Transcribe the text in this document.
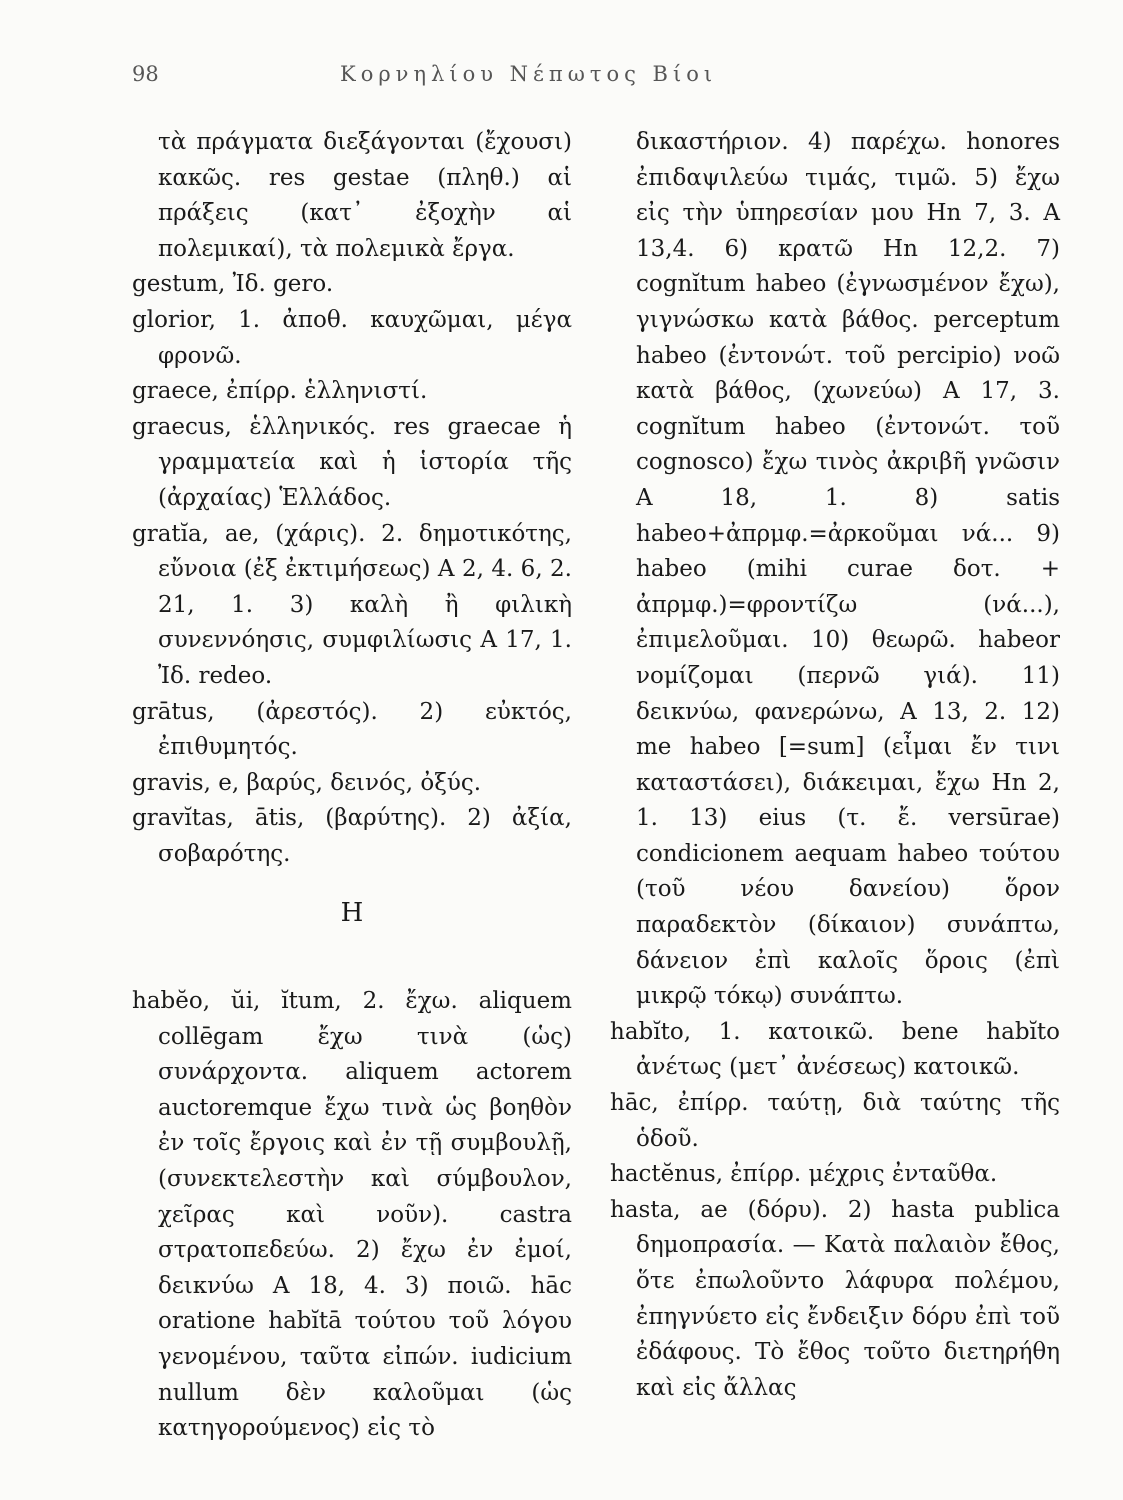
98	Κορνηλίου Νέπωτος Βίοι

τὰ πράγματα διεξάγονται (ἔχουσι) κακῶς. res gestae (πληθ.) αἱ πράξεις (κατ᾽ ἐξοχὴν αἱ πολεμικαί), τὰ πολεμικὰ ἔργα.

gestum, Ἰδ. gero.

glorior, 1. ἀποθ. καυχῶμαι, μέγα φρονῶ.

graece, ἐπίρρ. ἑλληνιστί.

graecus, ἑλληνικός. res graecae ἡ γραμματεία καὶ ἡ ἱστορία τῆς (ἀρχαίας) Ἑλλάδος.

gratĭa, ae, (χάρις). 2. δημοτικότης, εὔνοια (ἐξ ἐκτιμήσεως) Α 2, 4. 6, 2. 21, 1. 3) καλὴ ἢ φιλικὴ συνεννόησις, συμφιλίωσις Α 17, 1. Ἰδ. redeo.

grātus, (ἀρεστός). 2) εὐκτός, ἐπιθυμητός.

gravis, e, βαρύς, δεινός, ὀξύς.

gravĭtas, ātis, (βαρύτης). 2) ἀξία, σοβαρότης.

Η

habĕo, ŭi, ĭtum, 2. ἔχω. aliquem collēgam ἔχω τινὰ (ὡς) συνάρχοντα. aliquem actorem auctoremque ἔχω τινὰ ὡς βοηθὸν ἐν τοῖς ἔργοις καὶ ἐν τῇ συμβουλῇ, (συνεκτελεστὴν καὶ σύμβουλον, χεῖρας καὶ νοῦν). castra στρατοπεδεύω. 2) ἔχω ἐν ἐμοί, δεικνύω Α 18, 4. 3) ποιῶ. hāc oratione habĭtā τούτου τοῦ λόγου γενομένου, ταῦτα εἰπών. iudicium nullum δὲν καλοῦμαι (ὡς κατηγορούμενος) εἰς τὸ

δικαστήριον. 4) παρέχω. honores ἐπιδαψιλεύω τιμάς, τιμῶ. 5) ἔχω εἰς τὴν ὑπηρεσίαν μου Ηn 7, 3. Α 13,4. 6) κρατῶ Ηn 12,2. 7) cognĭtum habeo (ἐγνωσμένον ἔχω), γιγνώσκω κατὰ βάθος. perceptum habeo (ἐντονώτ. τοῦ percipio) νοῶ κατὰ βάθος, (χωνεύω) Α 17, 3. cognĭtum habeo (ἐντονώτ. τοῦ cognosco) ἔχω τινὸς ἀκριβῆ γνῶσιν Α 18, 1. 8) satis habeo+ἀπρμφ.=ἀρκοῦμαι νά... 9) habeo (mihi curae δοτ. + ἀπρμφ.)=φροντίζω (νά...), ἐπιμελοῦμαι. 10) θεωρῶ. habeor νομίζομαι (περνῶ γιά). 11) δεικνύω, φανερώνω, Α 13, 2. 12) me habeo [=sum] (εἶμαι ἔν τινι καταστάσει), διάκειμαι, ἔχω Ηn 2, 1. 13) eius (τ. ἔ. versūrae) condicionem aequam habeo τούτου (τοῦ νέου δανείου) ὅρον παραδεκτὸν (δίκαιον) συνάπτω, δάνειον ἐπὶ καλοῖς ὅροις (ἐπὶ μικρῷ τόκῳ) συνάπτω.

habĭto, 1. κατοικῶ. bene habĭto ἀνέτως (μετ᾽ ἀνέσεως) κατοικῶ.

hāc, ἐπίρρ. ταύτῃ, διὰ ταύτης τῆς ὁδοῦ.

hactĕnus, ἐπίρρ. μέχρις ἐνταῦθα.

hasta, ae (δόρυ). 2) hasta publica δημοπρασία. — Κατὰ παλαιὸν ἔθος, ὅτε ἐπωλοῦντο λάφυρα πολέμου, ἐπηγνύετο εἰς ἔνδειξιν δόρυ ἐπὶ τοῦ ἐδάφους. Τὸ ἔθος τοῦτο διετηρήθη καὶ εἰς ἄλλας
